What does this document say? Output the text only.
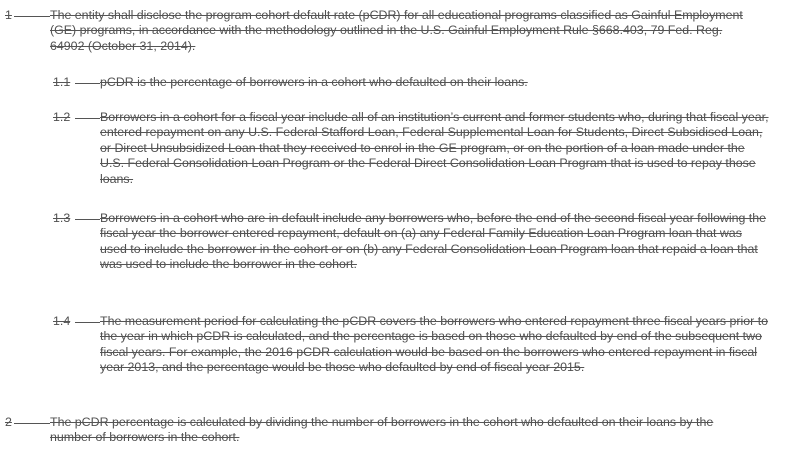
1	The entity shall disclose the program cohort default rate (pCDR) for all educational programs classified as Gainful Employment (GE) programs, in accordance with the methodology outlined in the U.S. Gainful Employment Rule §668.403, 79 Fed. Reg. 64902 (October 31, 2014).
1.1 pCDR is the percentage of borrowers in a cohort who defaulted on their loans.
1.2 Borrowers in a cohort for a fiscal year include all of an institution’s current and former students who, during that fiscal year, entered repayment on any U.S. Federal Stafford Loan, Federal Supplemental Loan for Students, Direct Subsidised Loan, or Direct Unsubsidized Loan that they received to enrol in the GE program, or on the portion of a loan made under the U.S. Federal Consolidation Loan Program or the Federal Direct Consolidation Loan Program that is used to repay those loans.
1.3 Borrowers in a cohort who are in default include any borrowers who, before the end of the second fiscal year following the fiscal year the borrower entered repayment, default on (a) any Federal Family Education Loan Program loan that was used to include the borrower in the cohort or on (b) any Federal Consolidation Loan Program loan that repaid a loan that was used to include the borrower in the cohort.
1.4 The measurement period for calculating the pCDR covers the borrowers who entered repayment three fiscal years prior to the year in which pCDR is calculated, and the percentage is based on those who defaulted by end of the subsequent two fiscal years. For example, the 2016 pCDR calculation would be based on the borrowers who entered repayment in fiscal year 2013, and the percentage would be those who defaulted by end of fiscal year 2015.
2	The pCDR percentage is calculated by dividing the number of borrowers in the cohort who defaulted on their loans by the number of borrowers in the cohort.
